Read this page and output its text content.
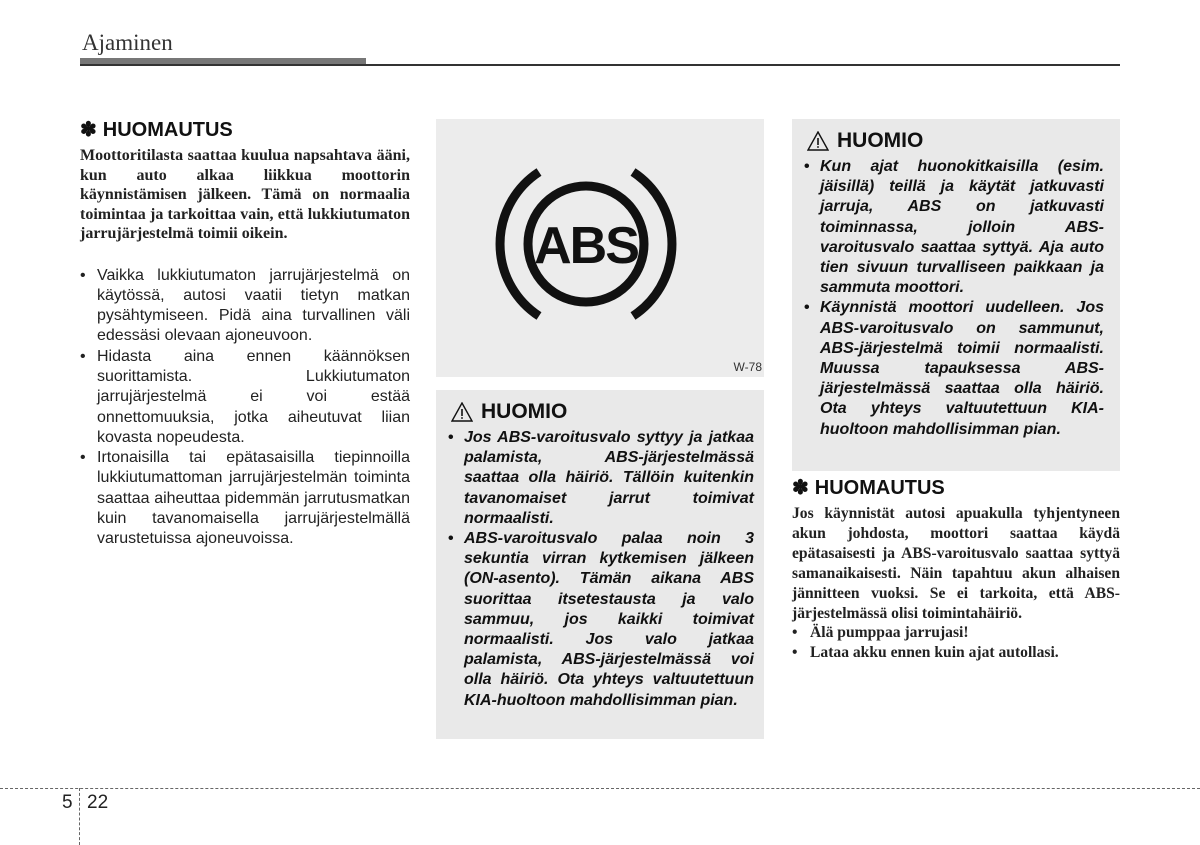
Ajaminen
✽ HUOMAUTUS

Moottoritilasta saattaa kuulua napsahtava ääni, kun auto alkaa liikkua moottorin käynnistämisen jälkeen. Tämä on normaalia toimintaa ja tarkoittaa vain, että lukkiutumaton jarrujärjestelmä toimii oikein.

• Vaikka lukkiutumaton jarrujärjestelmä on käytössä, autosi vaatii tietyn matkan pysähtymiseen. Pidä aina turvallinen väli edessäsi olevaan ajoneuvoon.
• Hidasta aina ennen käännöksen suorittamista. Lukkiutumaton jarrujärjestelmä ei voi estää onnettomuuksia, jotka aiheutuvat liian kovasta nopeudesta.
• Irtonaisilla tai epätasaisilla tiepinnoilla lukkiutumattoman jarrujärjestelmän toiminta saattaa aiheuttaa pidemmän jarrutusmatkan kuin tavanomaisella jarrujärjestelmällä varustetuissa ajoneuvoissa.
ABS
W-78
HUOMIO
• Jos ABS-varoitusvalo syttyy ja jatkaa palamista, ABS-järjestelmässä saattaa olla häiriö. Tällöin kuitenkin tavanomaiset jarrut toimivat normaalisti.
• ABS-varoitusvalo palaa noin 3 sekuntia virran kytkemisen jälkeen (ON-asento). Tämän aikana ABS suorittaa itsetestausta ja valo sammuu, jos kaikki toimivat normaalisti. Jos valo jatkaa palamista, ABS-järjestelmässä voi olla häiriö. Ota yhteys valtuutettuun KIA-huoltoon mahdollisimman pian.
HUOMIO
• Kun ajat huonokitkaisilla (esim. jäisillä) teillä ja käytät jatkuvasti jarruja, ABS on jatkuvasti toiminnassa, jolloin ABS-varoitusvalo saattaa syttyä. Aja auto tien sivuun turvalliseen paikkaan ja sammuta moottori.
• Käynnistä moottori uudelleen. Jos ABS-varoitusvalo on sammunut, ABS-järjestelmä toimii normaalisti. Muussa tapauksessa ABS-järjestelmässä saattaa olla häiriö. Ota yhteys valtuutettuun KIA-huoltoon mahdollisimman pian.
✽ HUOMAUTUS

Jos käynnistät autosi apuakulla tyhjentyneen akun johdosta, moottori saattaa käydä epätasaisesti ja ABS-varoitusvalo saattaa syttyä samanaikaisesti. Näin tapahtuu akun alhaisen jännitteen vuoksi. Se ei tarkoita, että ABS-järjestelmässä olisi toimintahäiriö.

• Älä pumppaa jarrujasi!
• Lataa akku ennen kuin ajat autollasi.
5 22
